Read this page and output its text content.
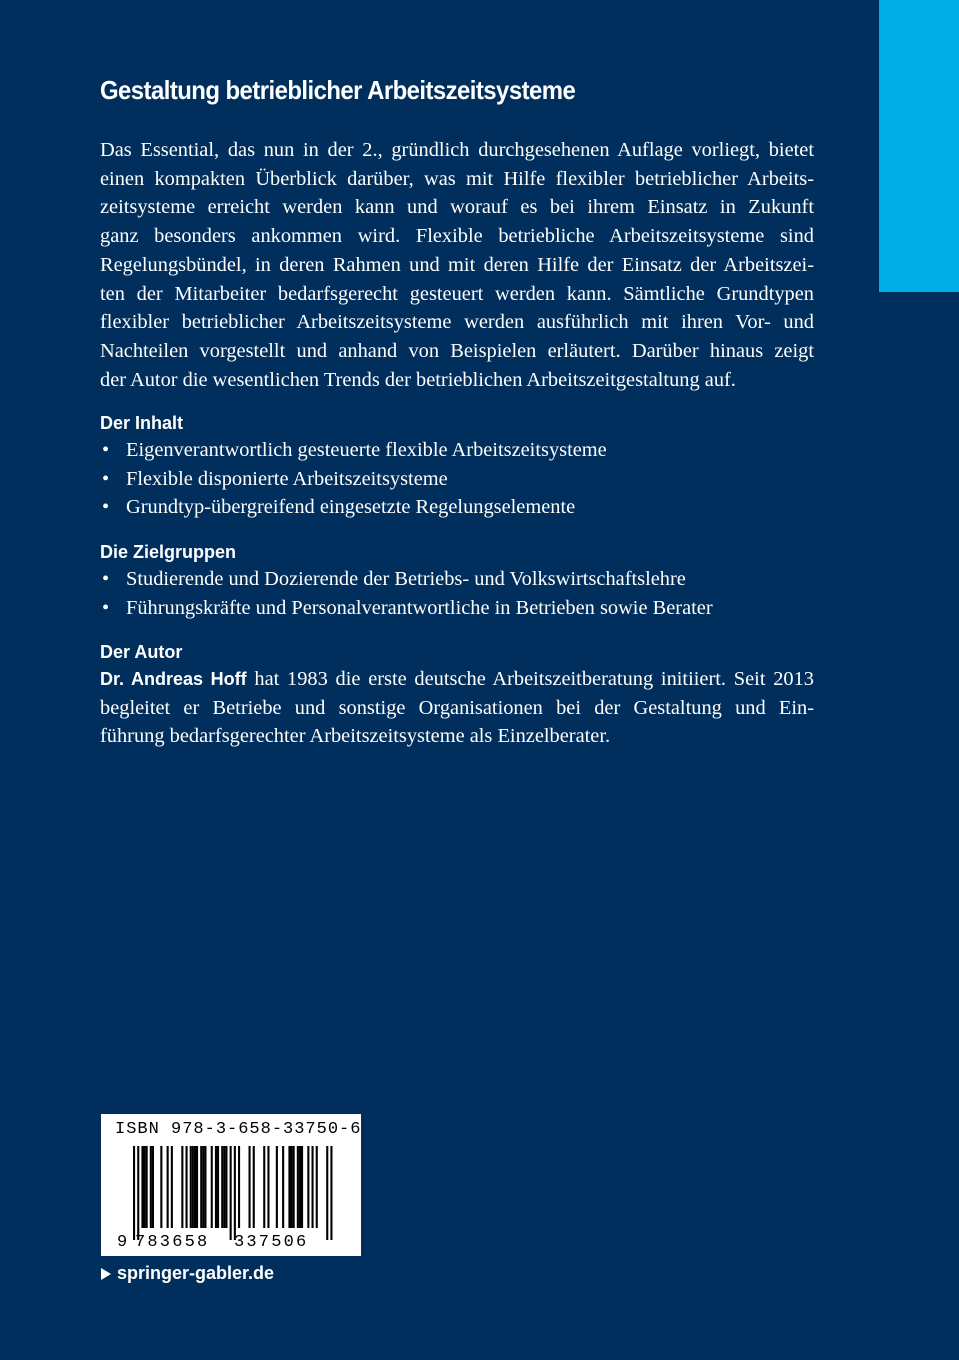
Gestaltung betrieblicher Arbeitszeitsysteme

Das Essential, das nun in der 2., gründlich durchgesehenen Auflage vorliegt, bietet
einen kompakten Überblick darüber, was mit Hilfe flexibler betrieblicher Arbeits-
zeitsysteme erreicht werden kann und worauf es bei ihrem Einsatz in Zukunft
ganz besonders ankommen wird. Flexible betriebliche Arbeitszeitsysteme sind
Regelungsbündel, in deren Rahmen und mit deren Hilfe der Einsatz der Arbeitszei-
ten der Mitarbeiter bedarfsgerecht gesteuert werden kann. Sämtliche Grundtypen
flexibler betrieblicher Arbeitszeitsysteme werden ausführlich mit ihren Vor- und
Nachteilen vorgestellt und anhand von Beispielen erläutert. Darüber hinaus zeigt
der Autor die wesentlichen Trends der betrieblichen Arbeitszeitgestaltung auf.

Der Inhalt
• Eigenverantwortlich gesteuerte flexible Arbeitszeitsysteme
• Flexible disponierte Arbeitszeitsysteme
• Grundtyp-übergreifend eingesetzte Regelungselemente
Die Zielgruppen
• Studierende und Dozierende der Betriebs- und Volkswirtschaftslehre
• Führungskräfte und Personalverantwortliche in Betrieben sowie Berater
Der Autor

Dr. Andreas Hoff hat 1983 die erste deutsche Arbeitszeitberatung initiiert. Seit 2013
begleitet er Betriebe und sonstige Organisationen bei der Gestaltung und Ein-
führung bedarfsgerechter Arbeitszeitsysteme als Einzelberater.

ISBN 978-3-658-33750-6
9 783658 337506
springer-gabler.de
